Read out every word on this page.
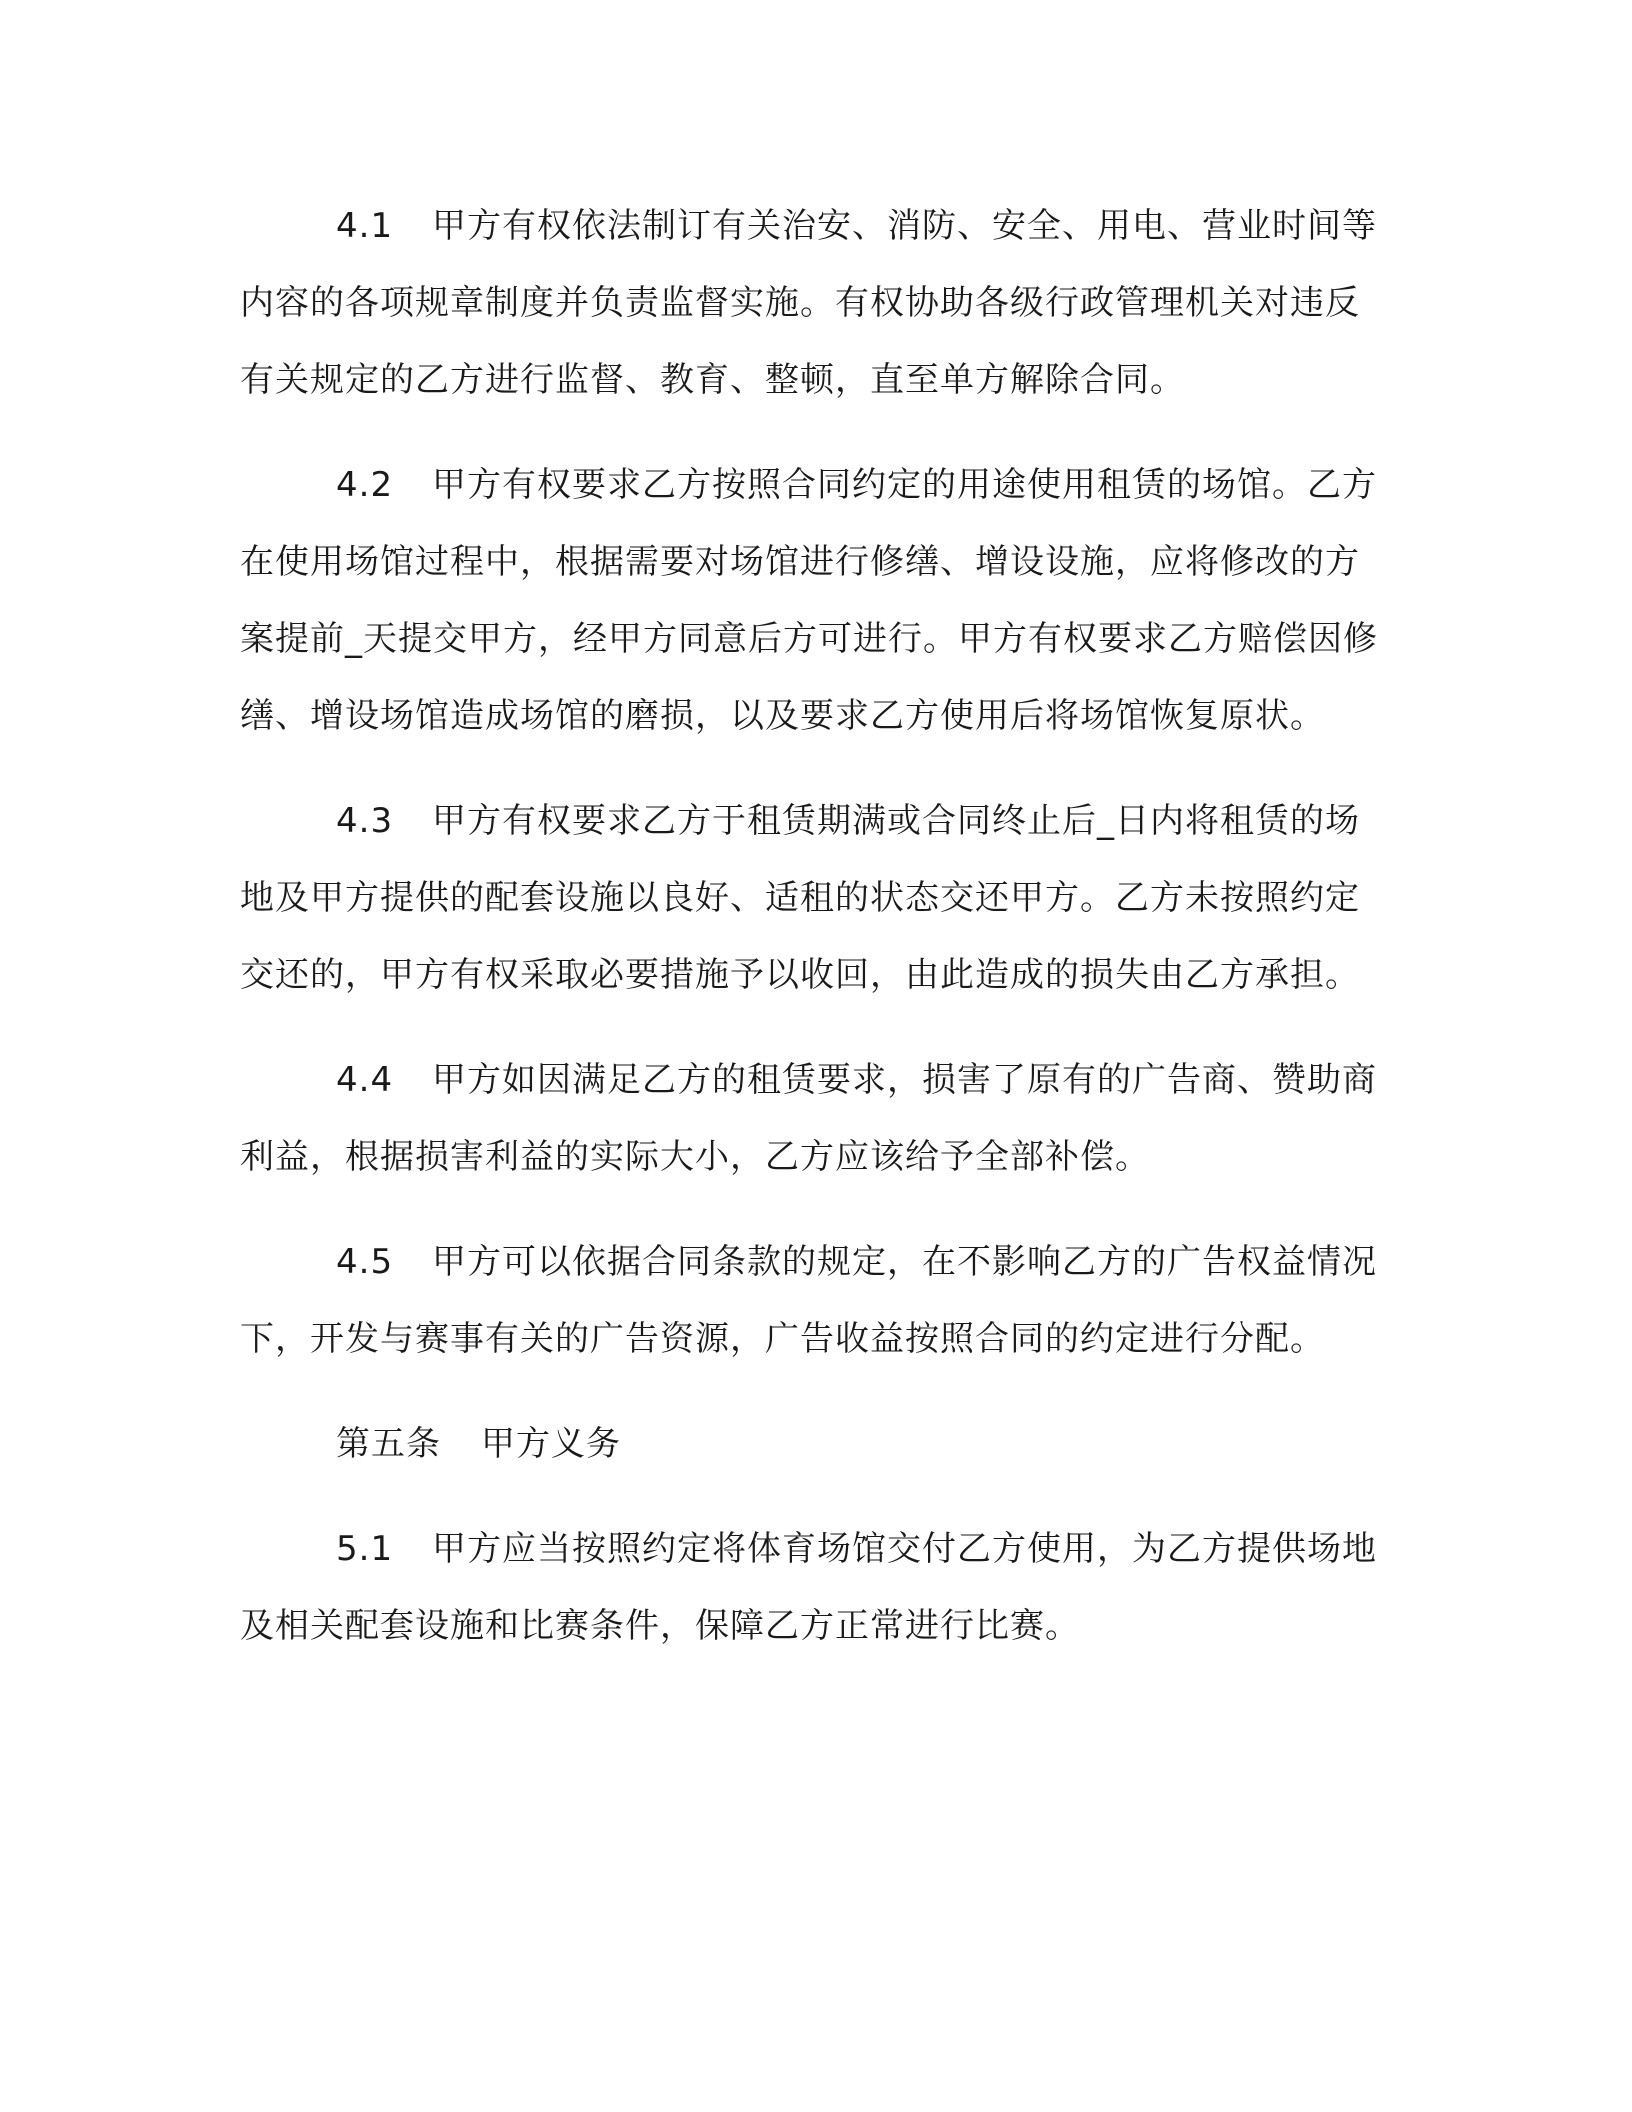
4.1 甲方有权依法制订有关治安、消防、安全、用电、营业时间等内容的各项规章制度并负责监督实施。有权协助各级行政管理机关对违反有关规定的乙方进行监督、教育、整顿，直至单方解除合同。

4.2 甲方有权要求乙方按照合同约定的用途使用租赁的场馆。乙方在使用场馆过程中，根据需要对场馆进行修缮、增设设施，应将修改的方案提前_天提交甲方，经甲方同意后方可进行。甲方有权要求乙方赔偿因修缮、增设场馆造成场馆的磨损，以及要求乙方使用后将场馆恢复原状。

4.3 甲方有权要求乙方于租赁期满或合同终止后_日内将租赁的场地及甲方提供的配套设施以良好、适租的状态交还甲方。乙方未按照约定交还的，甲方有权采取必要措施予以收回，由此造成的损失由乙方承担。

4.4 甲方如因满足乙方的租赁要求，损害了原有的广告商、赞助商利益，根据损害利益的实际大小，乙方应该给予全部补偿。

4.5 甲方可以依据合同条款的规定，在不影响乙方的广告权益情况下，开发与赛事有关的广告资源，广告收益按照合同的约定进行分配。

第五条 甲方义务

5.1 甲方应当按照约定将体育场馆交付乙方使用，为乙方提供场地及相关配套设施和比赛条件，保障乙方正常进行比赛。
